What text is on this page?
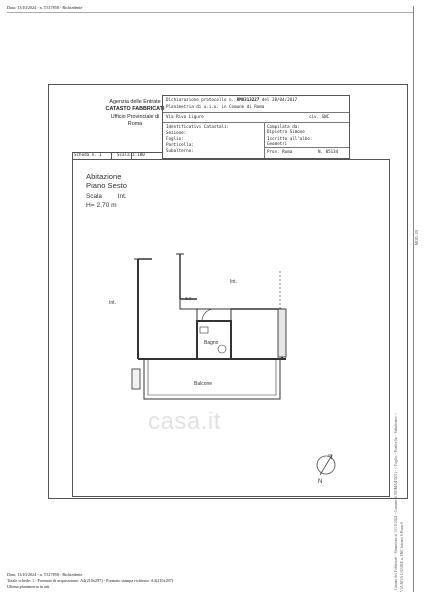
Data: 13/10/2024 - n. T317858 - Richiedente
Agenzia delle Entrate
CATASTO FABBRICATI
Ufficio Provinciale di
Roma
Dichiarazione protocollo n. RM0313227 del 28/04/2017
Planimetria di u.i.u. in Comune di Roma
Via Riva Ligure	civ. SNC
Identificativi Catastali:
Sezione:
Foglio:
Particella:
Subalterno:
Compilata da:
Dipietra Simone
Iscritto all'albo:
Geometri
Prov. Roma	N. 05134
Scheda n. 1	Scala 1:100
Abitazione
Piano Sesto
Scala Int.
H= 2,70 m
Int.
Int.
a.c.
Bagno
Balcone
N
casa.it	Catasto dei Fabbricati - Situazione al 13/10/2024 - Comune di ROMA(H501) - < Foglio: - Particella: - Subalterno: > VIA RIVA LIGURE n. SNC Interno 6 Piano 6
MOD. 1N
Data: 13/10/2024 - n. T317858 - Richiedente
Totale schede: 1 - Formato di acquisizione: A4(210x297) - Formato stampa richiesto: A4(210x297)
Ultima planimetria in atti
